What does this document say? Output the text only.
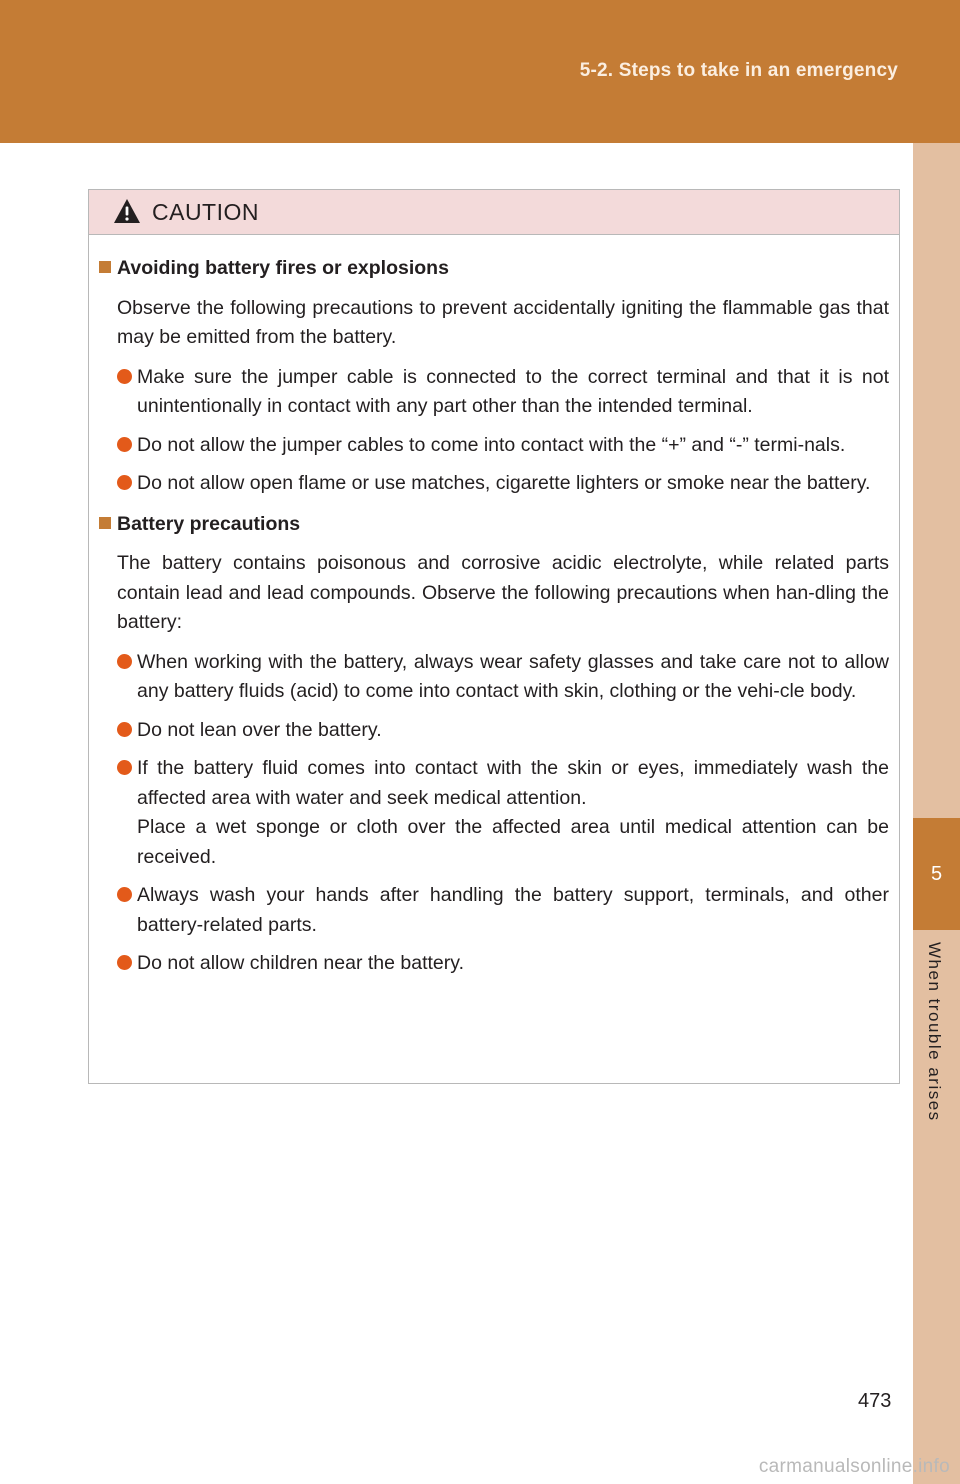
5-2. Steps to take in an emergency
5
When trouble arises
CAUTION
Avoiding battery fires or explosions
Observe the following precautions to prevent accidentally igniting the flammable gas that may be emitted from the battery.

Make sure the jumper cable is connected to the correct terminal and that it is not unintentionally in contact with any part other than the intended terminal.

Do not allow the jumper cables to come into contact with the “+” and “-” termi-nals.

Do not allow open flame or use matches, cigarette lighters or smoke near the battery.

Battery precautions
The battery contains poisonous and corrosive acidic electrolyte, while related parts contain lead and lead compounds. Observe the following precautions when han-dling the battery:

When working with the battery, always wear safety glasses and take care not to allow any battery fluids (acid) to come into contact with skin, clothing or the vehi-cle body.

Do not lean over the battery.

If the battery fluid comes into contact with the skin or eyes, immediately wash the affected area with water and seek medical attention.

Place a wet sponge or cloth over the affected area until medical attention can be received.

Always wash your hands after handling the battery support, terminals, and other battery-related parts.

Do not allow children near the battery.

473
carmanualsonline.info
